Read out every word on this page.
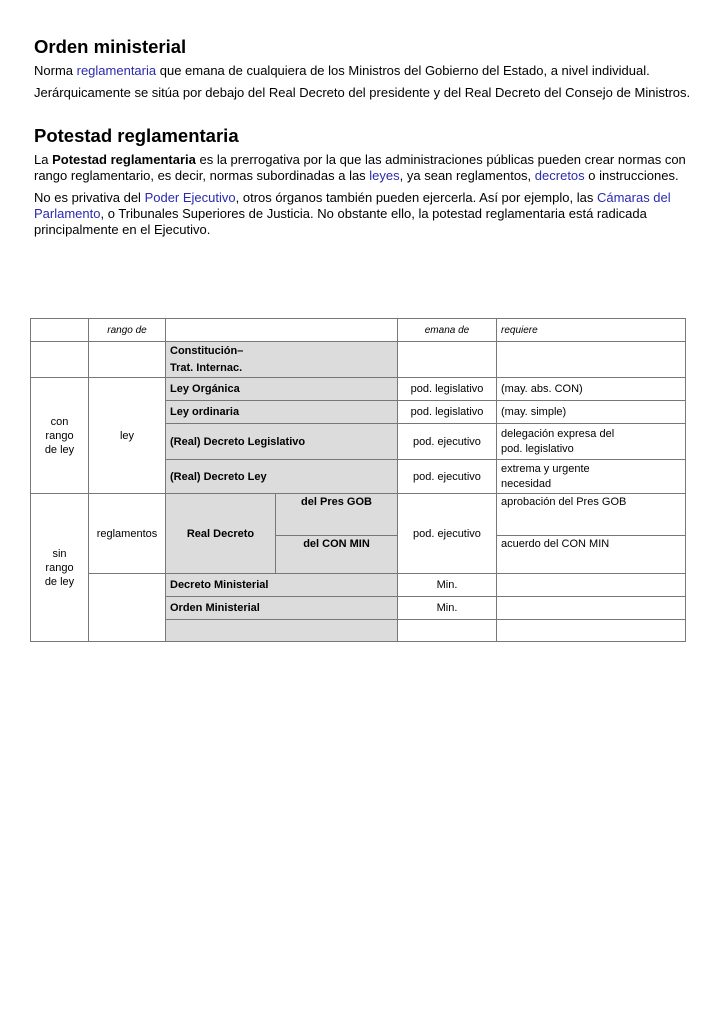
Orden ministerial

Norma reglamentaria que emana de cualquiera de los Ministros del Gobierno del Estado, a nivel individual.

Jerárquicamente se sitúa por debajo del Real Decreto del presidente y del Real Decreto del Consejo de Ministros.

Potestad reglamentaria

La Potestad reglamentaria es la prerrogativa por la que las administraciones públicas pueden crear normas con rango reglamentario, es decir, normas subordinadas a las leyes, ya sean reglamentos, decretos o instrucciones.

No es privativa del Poder Ejecutivo, otros órganos también pueden ejercerla. Así por ejemplo, las Cámaras del Parlamento, o Tribunales Superiores de Justicia. No obstante ello, la potestad reglamentaria está radicada principalmente en el Ejecutivo.

	rango de			emana de	requiere
		Constitución–
Trat. Internac.			
con
rango
de ley	ley	Ley Orgánica		pod. legislativo	(may. abs. CON)
		Ley ordinaria		pod. legislativo	(may. simple)
		(Real) Decreto Legislativo		pod. ejecutivo	delegación expresa del
pod. legislativo
		(Real) Decreto Ley		pod. ejecutivo	extrema y urgente
necesidad
sin
rango
de ley	reglamentos	Real Decreto	del Pres GOB	pod. ejecutivo	aprobación del Pres GOB
			del CON MIN		acuerdo del CON MIN
		Decreto Ministerial		Min.	
		Orden Ministerial		Min.	
